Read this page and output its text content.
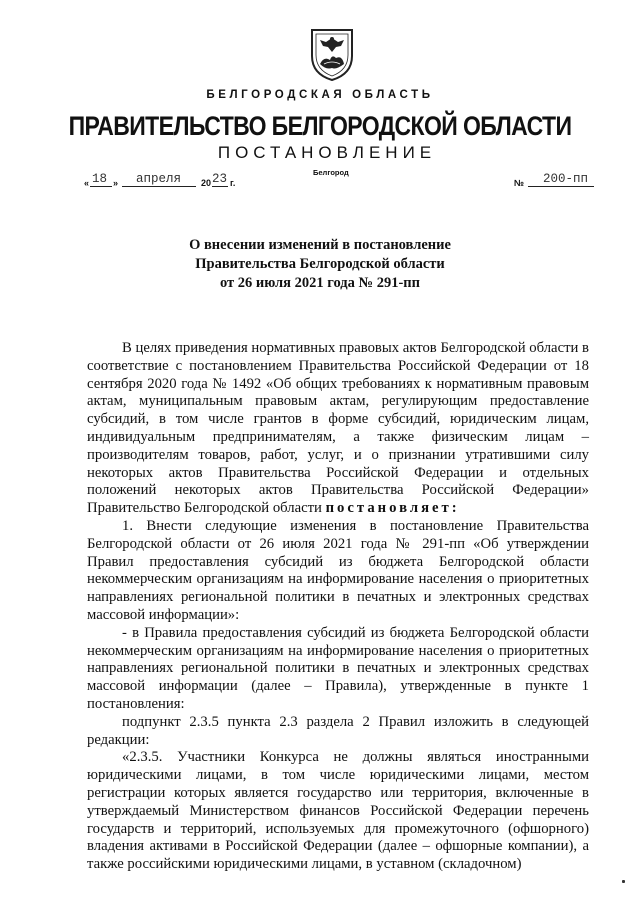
БЕЛГОРОДСКАЯ ОБЛАСТЬ
ПРАВИТЕЛЬСТВО БЕЛГОРОДСКОЙ ОБЛАСТИ
ПОСТАНОВЛЕНИЕ
Белгород
« 18 » апреля 20 23 г.	№ 200-пп
О внесении изменений в постановление
Правительства Белгородской области
от 26 июля 2021 года № 291-пп

В целях приведения нормативных правовых актов Белгородской области в соответствие с постановлением Правительства Российской Федерации от 18 сентября 2020 года № 1492 «Об общих требованиях к нормативным правовым актам, муниципальным правовым актам, регулирующим предоставление субсидий, в том числе грантов в форме субсидий, юридическим лицам, индивидуальным предпринимателям, а также физическим лицам – производителям товаров, работ, услуг, и о признании утратившими силу некоторых актов Правительства Российской Федерации и отдельных положений некоторых актов Правительства Российской Федерации» Правительство Белгородской области постановляет:

1. Внести следующие изменения в постановление Правительства Белгородской области от 26 июля 2021 года № 291-пп «Об утверждении Правил предоставления субсидий из бюджета Белгородской области некоммерческим организациям на информирование населения о приоритетных направлениях региональной политики в печатных и электронных средствах массовой информации»:

- в Правила предоставления субсидий из бюджета Белгородской области некоммерческим организациям на информирование населения о приоритетных направлениях региональной политики в печатных и электронных средствах массовой информации (далее – Правила), утвержденные в пункте 1 постановления:

подпункт 2.3.5 пункта 2.3 раздела 2 Правил изложить в следующей редакции:

«2.3.5. Участники Конкурса не должны являться иностранными юридическими лицами, в том числе юридическими лицами, местом регистрации которых является государство или территория, включенные в утверждаемый Министерством финансов Российской Федерации перечень государств и территорий, используемых для промежуточного (офшорного) владения активами в Российской Федерации (далее – офшорные компании), а также российскими юридическими лицами, в уставном (складочном)
